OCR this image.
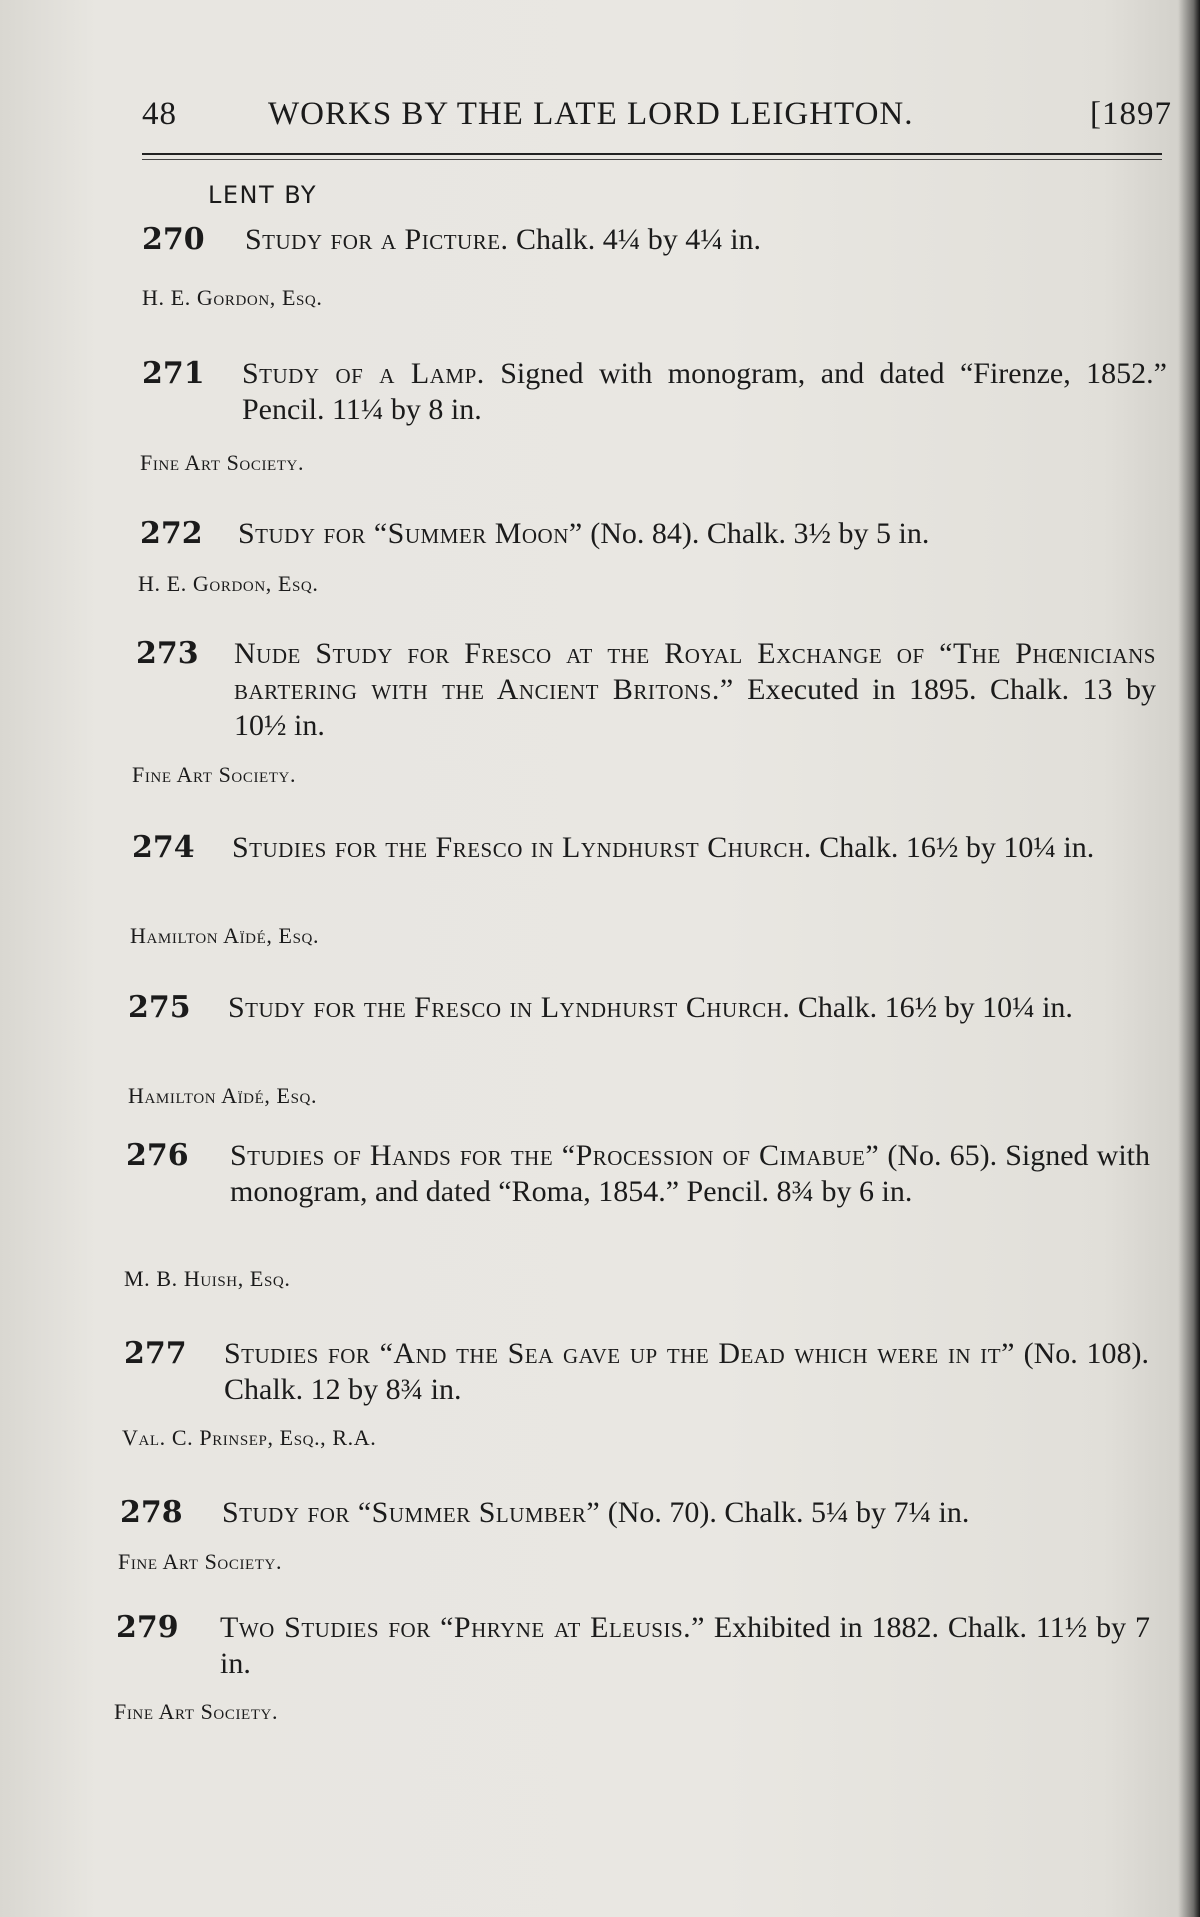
48	WORKS BY THE LATE LORD LEIGHTON.	[1897
LENT BY
270 Study for a Picture. Chalk. 4¼ by 4¼ in.
H. E. Gordon, Esq.
271 Study of a Lamp. Signed with monogram, and dated “Firenze, 1852.” Pencil. 11¼ by 8 in.
Fine Art Society.
272 Study for “Summer Moon” (No. 84). Chalk. 3½ by 5 in.
H. E. Gordon, Esq.
273 Nude Study for Fresco at the Royal Exchange of “The Phœnicians bartering with the Ancient Britons.” Executed in 1895. Chalk. 13 by 10½ in.
Fine Art Society.
274 Studies for the Fresco in Lyndhurst Church. Chalk. 16½ by 10¼ in.
Hamilton Aïdé, Esq.
275 Study for the Fresco in Lyndhurst Church. Chalk. 16½ by 10¼ in.
Hamilton Aïdé, Esq.
276 Studies of Hands for the “Procession of Cimabue” (No. 65). Signed with monogram, and dated “Roma, 1854.” Pencil. 8¾ by 6 in.
M. B. Huish, Esq.
277 Studies for “And the Sea gave up the Dead which were in it” (No. 108). Chalk. 12 by 8¾ in.
Val. C. Prinsep, Esq., R.A.
278 Study for “Summer Slumber” (No. 70). Chalk. 5¼ by 7¼ in.
Fine Art Society.
279 Two Studies for “Phryne at Eleusis.” Exhibited in 1882. Chalk. 11½ by 7 in.
Fine Art Society.
